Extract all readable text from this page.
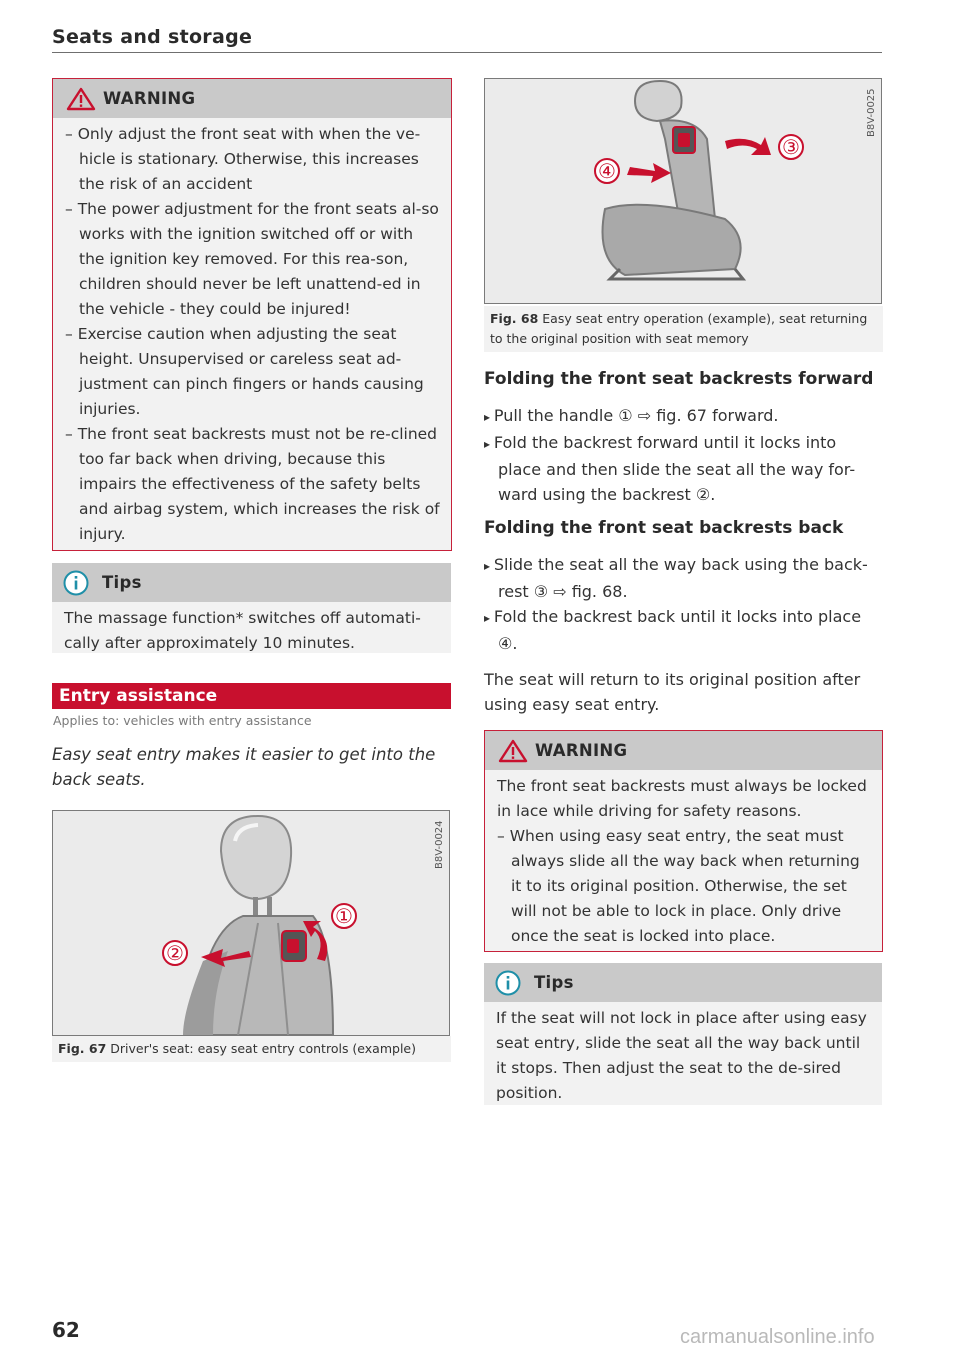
Seats and storage
WARNING

– Only adjust the front seat with when the ve-hicle is stationary. Otherwise, this increases the risk of an accident

– The power adjustment for the front seats al-so works with the ignition switched off or with the ignition key removed. For this rea-son, children should never be left unattend-ed in the vehicle - they could be injured!

– Exercise caution when adjusting the seat height. Unsupervised or careless seat ad-justment can pinch fingers or hands causing injuries.

– The front seat backrests must not be re-clined too far back when driving, because this impairs the effectiveness of the safety belts and airbag system, which increases the risk of injury.

Tips

The massage function* switches off automati-cally after approximately 10 minutes.

Entry assistance
Applies to: vehicles with entry assistance
Easy seat entry makes it easier to get into the back seats.
①
②
B8V-0024
Fig. 67 Driver's seat: easy seat entry controls (example)
④
③
B8V-0025
Fig. 68 Easy seat entry operation (example), seat returning to the original position with seat memory
Folding the front seat backrests forward

▸ Pull the handle ① ⇨ fig. 67 forward.

▸ Fold the backrest forward until it locks into place and then slide the seat all the way for-ward using the backrest ②.

Folding the front seat backrests back

▸ Slide the seat all the way back using the back-rest ③ ⇨ fig. 68.

▸ Fold the backrest back until it locks into place ④.

The seat will return to its original position after using easy seat entry.

WARNING

The front seat backrests must always be locked in lace while driving for safety reasons.

– When using easy seat entry, the seat must always slide all the way back when returning it to its original position. Otherwise, the set will not be able to lock in place. Only drive once the seat is locked into place.

Tips

If the seat will not lock in place after using easy seat entry, slide the seat all the way back until it stops. Then adjust the seat to the de-sired position.

62	carmanualsonline.info
